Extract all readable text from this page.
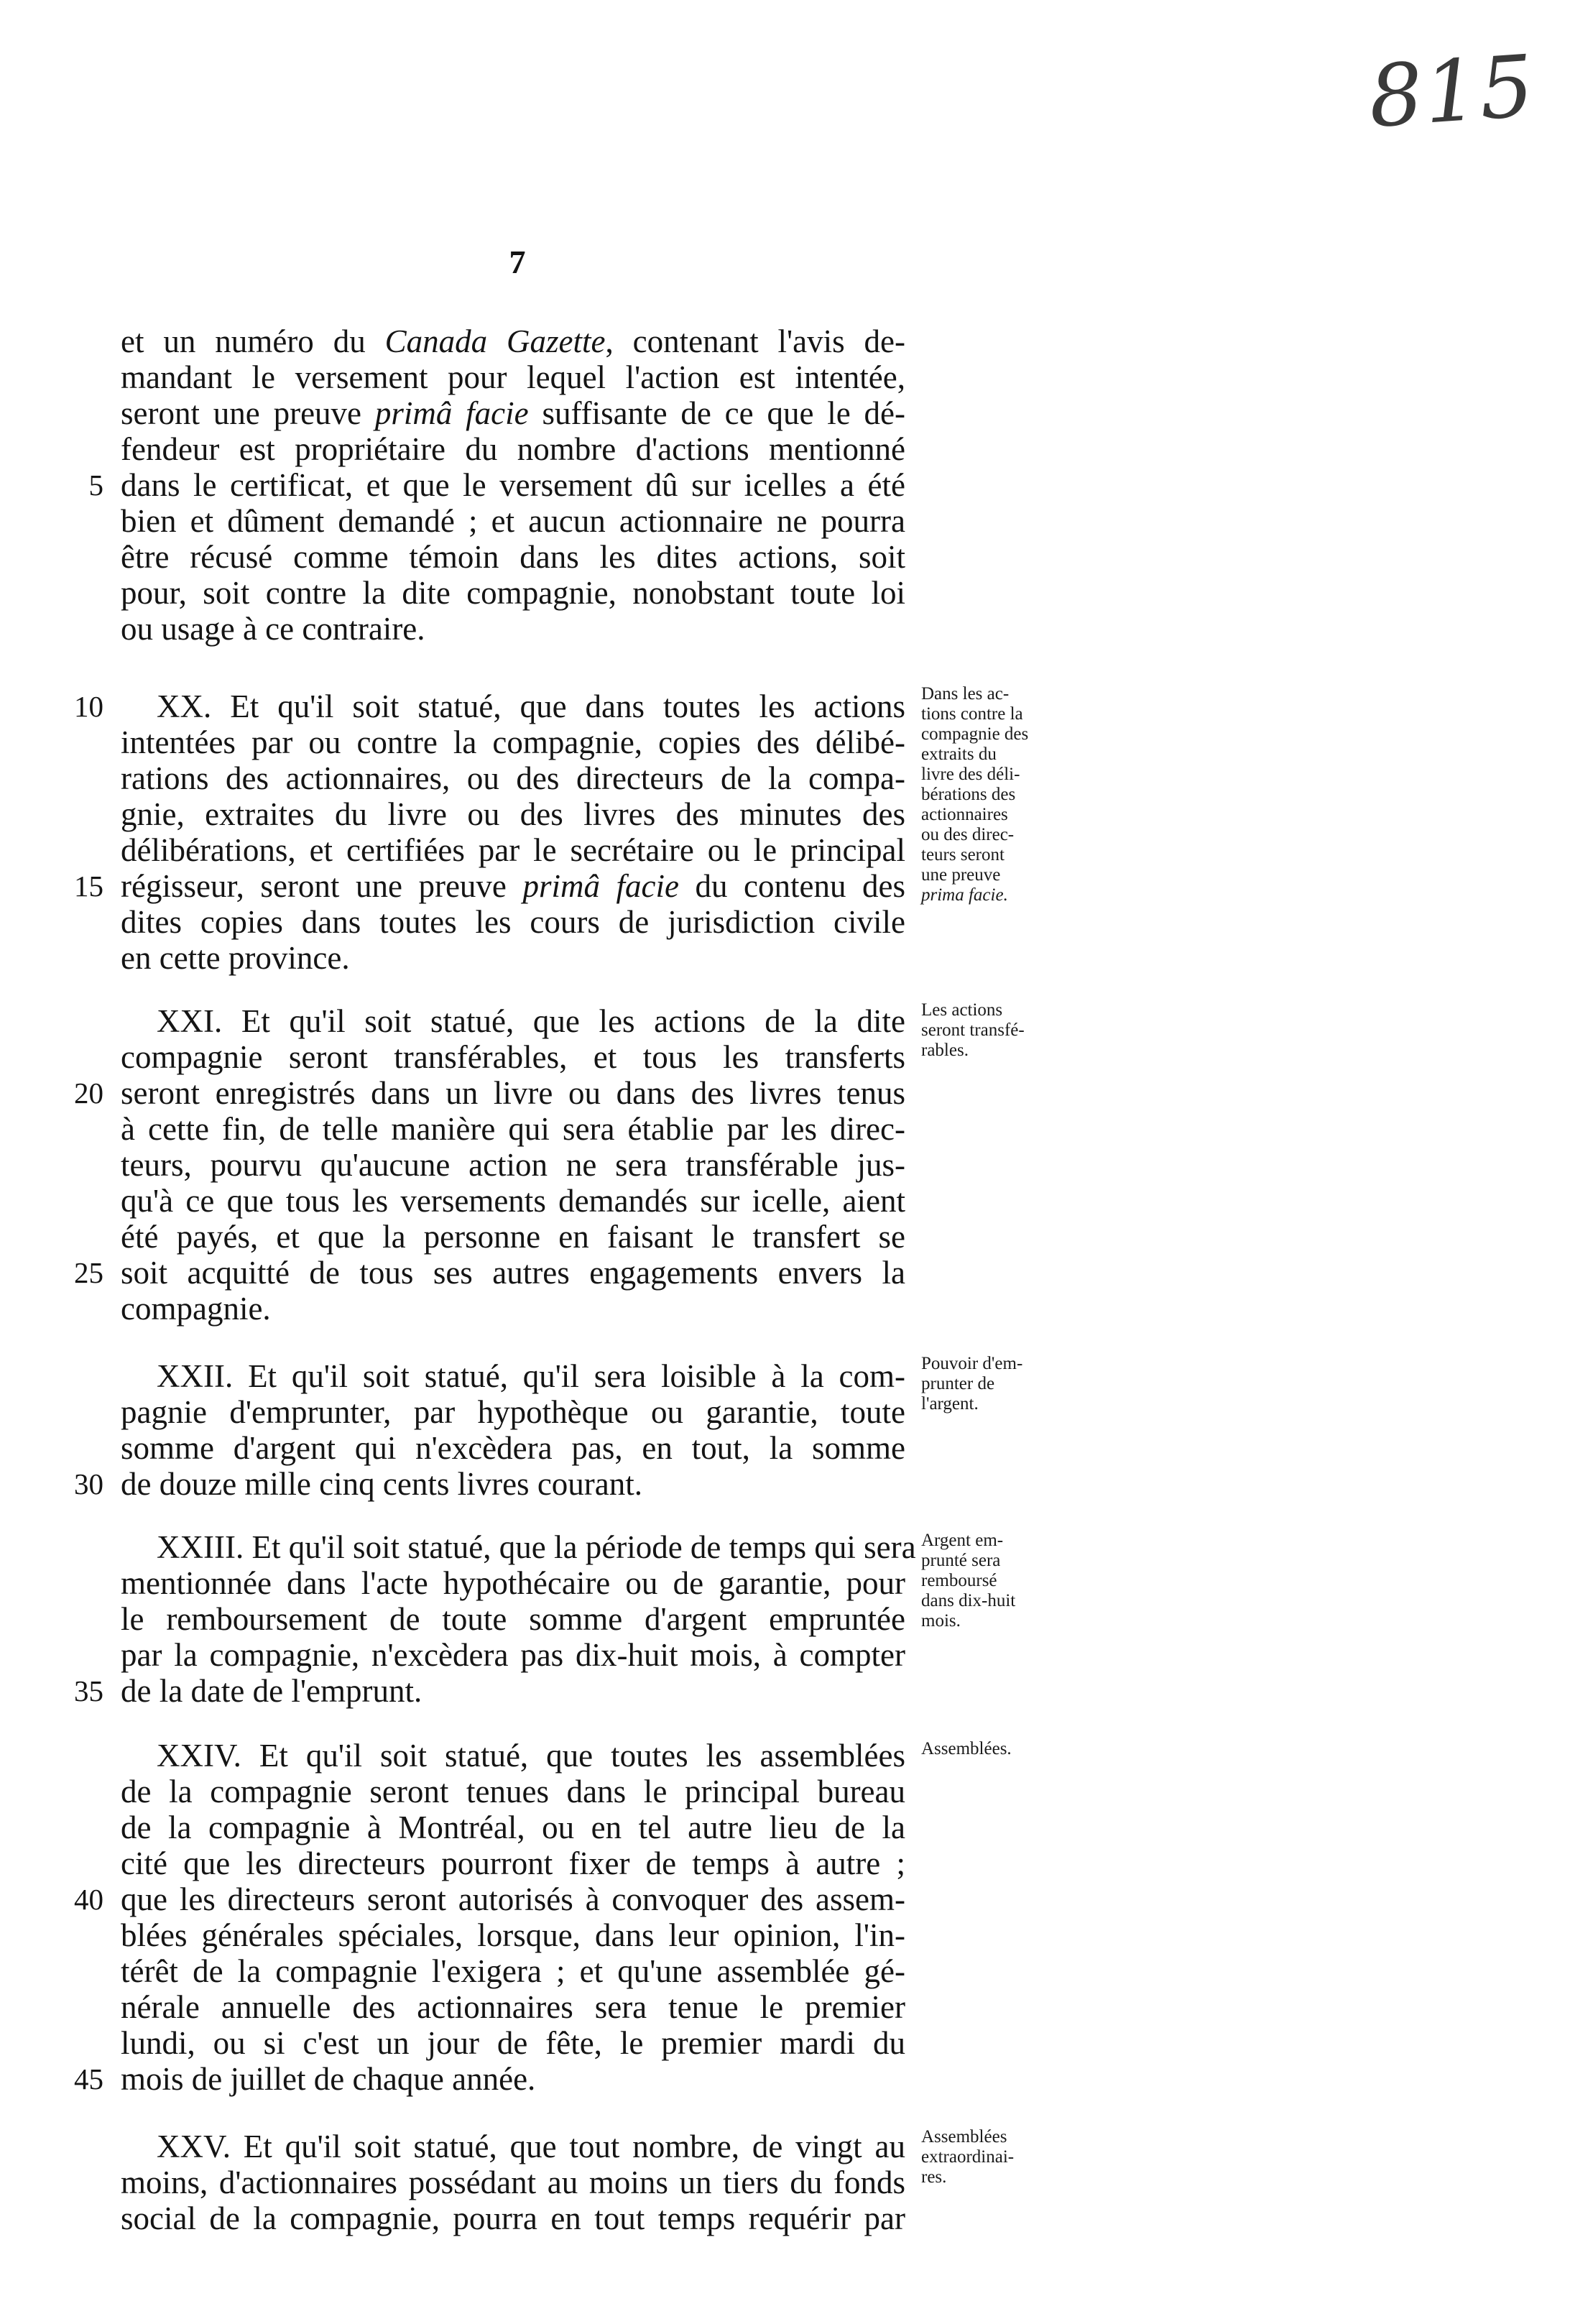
815
7
et un numéro du Canada Gazette, contenant l'avis de-
mandant le versement pour lequel l'action est intentée,
seront une preuve primâ facie suffisante de ce que le dé-
fendeur est propriétaire du nombre d'actions mentionné
dans le certificat, et que le versement dû sur icelles a été
bien et dûment demandé ; et aucun actionnaire ne pourra
être récusé comme témoin dans les dites actions, soit
pour, soit contre la dite compagnie, nonobstant toute loi
ou usage à ce contraire.
XX. Et qu'il soit statué, que dans toutes les actions
intentées par ou contre la compagnie, copies des délibé-
rations des actionnaires, ou des directeurs de la compa-
gnie, extraites du livre ou des livres des minutes des
délibérations, et certifiées par le secrétaire ou le principal
régisseur, seront une preuve primâ facie du contenu des
dites copies dans toutes les cours de jurisdiction civile
en cette province.
XXI. Et qu'il soit statué, que les actions de la dite
compagnie seront transférables, et tous les transferts
seront enregistrés dans un livre ou dans des livres tenus
à cette fin, de telle manière qui sera établie par les direc-
teurs, pourvu qu'aucune action ne sera transférable jus-
qu'à ce que tous les versements demandés sur icelle, aient
été payés, et que la personne en faisant le transfert se
soit acquitté de tous ses autres engagements envers la
compagnie.
XXII. Et qu'il soit statué, qu'il sera loisible à la com-
pagnie d'emprunter, par hypothèque ou garantie, toute
somme d'argent qui n'excèdera pas, en tout, la somme
de douze mille cinq cents livres courant.
XXIII. Et qu'il soit statué, que la période de temps qui sera
mentionnée dans l'acte hypothécaire ou de garantie, pour
le remboursement de toute somme d'argent empruntée
par la compagnie, n'excèdera pas dix-huit mois, à compter
de la date de l'emprunt.
XXIV. Et qu'il soit statué, que toutes les assemblées
de la compagnie seront tenues dans le principal bureau
de la compagnie à Montréal, ou en tel autre lieu de la
cité que les directeurs pourront fixer de temps à autre ;
que les directeurs seront autorisés à convoquer des assem-
blées générales spéciales, lorsque, dans leur opinion, l'in-
térêt de la compagnie l'exigera ; et qu'une assemblée gé-
nérale annuelle des actionnaires sera tenue le premier
lundi, ou si c'est un jour de fête, le premier mardi du
mois de juillet de chaque année.
XXV. Et qu'il soit statué, que tout nombre, de vingt au
moins, d'actionnaires possédant au moins un tiers du fonds
social de la compagnie, pourra en tout temps requérir par
5
10
15
20
25
30
35
40
45
Dans les ac-
tions contre la
compagnie des
extraits du
livre des déli-
bérations des
actionnaires
ou des direc-
teurs seront
une preuve
prima facie.
Les actions
seront transfé-
rables.
Pouvoir d'em-
prunter de
l'argent.
Argent em-
prunté sera
remboursé
dans dix-huit
mois.
Assemblées.
Assemblées
extraordinai-
res.
